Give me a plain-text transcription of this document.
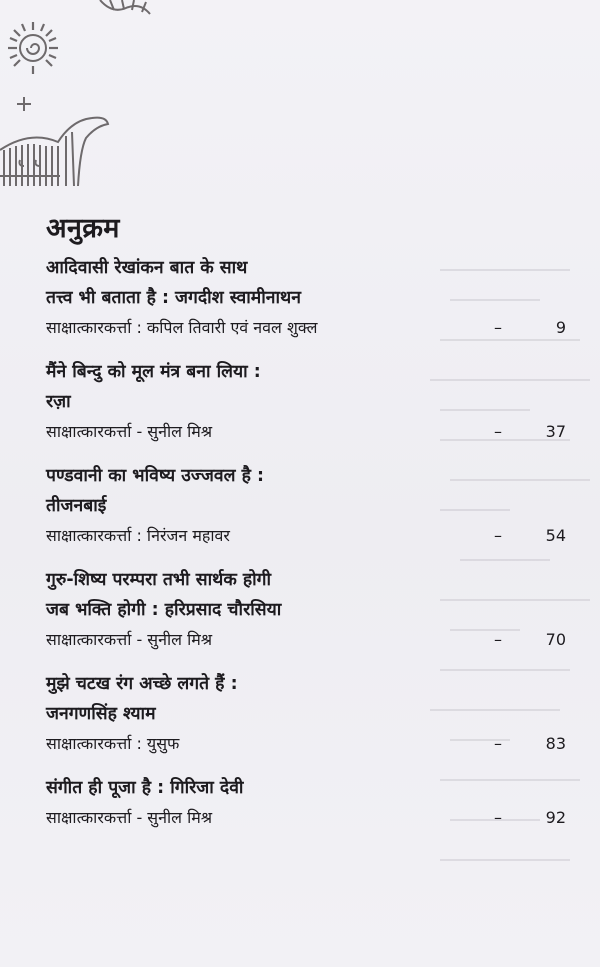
अनुक्रम

आदिवासी रेखांकन बात के साथ

तत्त्व भी बताता है : जगदीश स्वामीनाथन

साक्षात्कारकर्त्ता : कपिल तिवारी एवं नवल शुक्ल	–	9

मैंने बिन्दु को मूल मंत्र बना लिया :

रज़ा

साक्षात्कारकर्त्ता - सुनील मिश्र	–	37

पण्डवानी का भविष्य उज्जवल है :

तीजनबाई

साक्षात्कारकर्त्ता : निरंजन महावर	–	54

गुरु-शिष्य परम्परा तभी सार्थक होगी

जब भक्ति होगी : हरिप्रसाद चौरसिया

साक्षात्कारकर्त्ता - सुनील मिश्र	–	70

मुझे चटख रंग अच्छे लगते हैं :

जनगणसिंह श्याम

साक्षात्कारकर्त्ता : युसुफ	–	83

संगीत ही पूजा है : गिरिजा देवी

साक्षात्कारकर्त्ता - सुनील मिश्र	–	92
